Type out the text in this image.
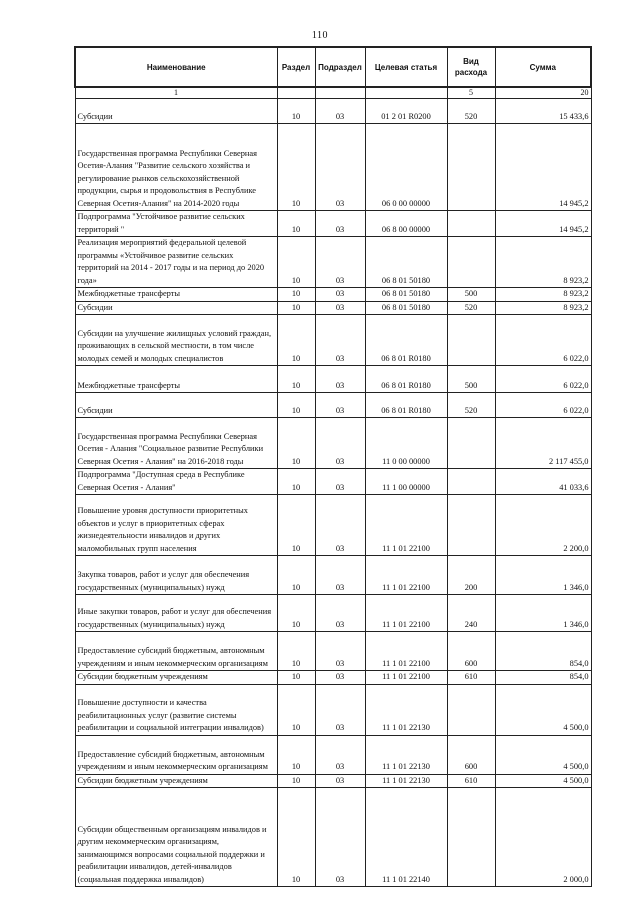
110
Наименование	Раздел	Подраздел	Целевая статья	Вид расхода	Сумма
1				5	20
Субсидии	10	03	01 2 01 R0200	520	15 433,6
Государственная программа Республики Северная Осетия-Алания "Развитие сельского хозяйства и регулирование рынков сельскохозяйственной продукции, сырья и продовольствия в Республике Северная Осетия-Алания" на 2014-2020 годы	10	03	06 0 00 00000		14 945,2
Подпрограмма "Устойчивое развитие сельских территорий "	10	03	06 8 00 00000		14 945,2
Реализация мероприятий федеральной целевой программы «Устойчивое развитие сельских территорий на 2014 - 2017 годы и на период до 2020 года»	10	03	06 8 01 50180		8 923,2
Межбюджетные трансферты	10	03	06 8 01 50180	500	8 923,2
Субсидии	10	03	06 8 01 50180	520	8 923,2
Субсидии на улучшение жилищных условий граждан, проживающих в сельской местности, в том числе молодых семей и молодых специалистов	10	03	06 8 01 R0180		6 022,0
Межбюджетные трансферты	10	03	06 8 01 R0180	500	6 022,0
Субсидии	10	03	06 8 01 R0180	520	6 022,0
Государственная программа Республики Северная Осетия - Алания "Социальное развитие Республики Северная Осетия - Алания" на 2016-2018 годы	10	03	11 0 00 00000		2 117 455,0
Подпрограмма "Доступная среда в Республике Северная Осетия - Алания"	10	03	11 1 00 00000		41 033,6
Повышение уровня доступности приоритетных объектов и услуг в приоритетных сферах жизнедеятельности инвалидов и других маломобильных групп населения	10	03	11 1 01 22100		2 200,0
Закупка товаров, работ и услуг для обеспечения государственных (муниципальных) нужд	10	03	11 1 01 22100	200	1 346,0
Иные закупки товаров, работ и услуг для обеспечения государственных (муниципальных) нужд	10	03	11 1 01 22100	240	1 346,0
Предоставление субсидий бюджетным, автономным учреждениям и иным некоммерческим организациям	10	03	11 1 01 22100	600	854,0
Субсидии бюджетным учреждениям	10	03	11 1 01 22100	610	854,0
Повышение доступности и качества реабилитационных услуг (развитие системы реабилитации и социальной интеграции инвалидов)	10	03	11 1 01 22130		4 500,0
Предоставление субсидий бюджетным, автономным учреждениям и иным некоммерческим организациям	10	03	11 1 01 22130	600	4 500,0
Субсидии бюджетным учреждениям	10	03	11 1 01 22130	610	4 500,0
Субсидии общественным организациям инвалидов и другим некоммерческим организациям, занимающимся вопросами социальной поддержки и реабилитации инвалидов, детей-инвалидов (социальная поддержка инвалидов)	10	03	11 1 01 22140		2 000,0
